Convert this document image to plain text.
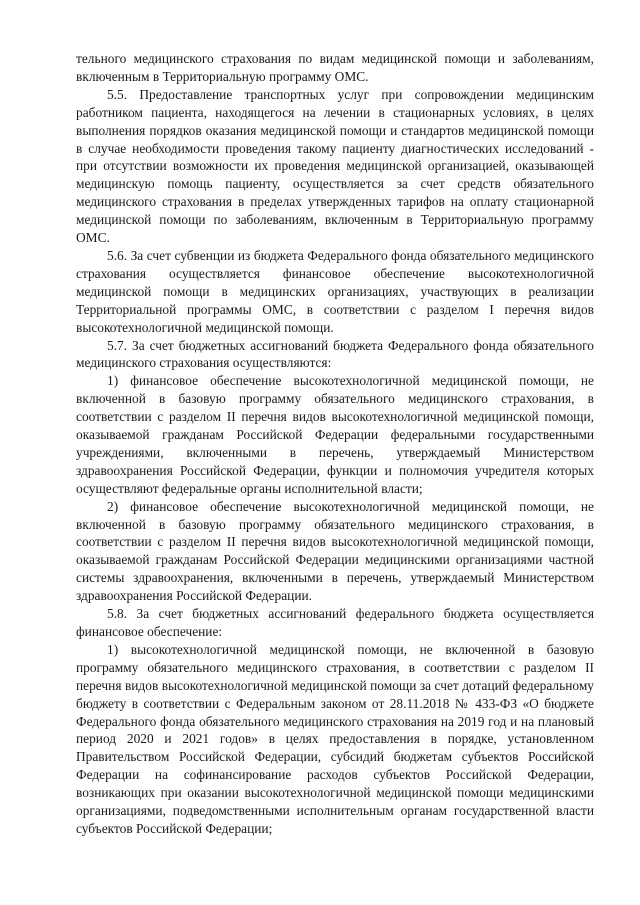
тельного медицинского страхования по видам медицинской помощи и заболеваниям, включенным в Территориальную программу ОМС.

5.5. Предоставление транспортных услуг при сопровождении медицинским работником пациента, находящегося на лечении в стационарных условиях, в целях выполнения порядков оказания медицинской помощи и стандартов медицинской помощи в случае необходимости проведения такому пациенту диагностических исследований - при отсутствии возможности их проведения медицинской организацией, оказывающей медицинскую помощь пациенту, осуществляется за счет средств обязательного медицинского страхования в пределах утвержденных тарифов на оплату стационарной медицинской помощи по заболеваниям, включенным в Территориальную программу ОМС.

5.6. За счет субвенции из бюджета Федерального фонда обязательного медицинского страхования осуществляется финансовое обеспечение высокотехнологичной медицинской помощи в медицинских организациях, участвующих в реализации Территориальной программы ОМС, в соответствии с разделом I перечня видов высокотехнологичной медицинской помощи.

5.7. За счет бюджетных ассигнований бюджета Федерального фонда обязательного медицинского страхования осуществляются:

1) финансовое обеспечение высокотехнологичной медицинской помощи, не включенной в базовую программу обязательного медицинского страхования, в соответствии с разделом II перечня видов высокотехнологичной медицинской помощи, оказываемой гражданам Российской Федерации федеральными государственными учреждениями, включенными в перечень, утверждаемый Министерством здравоохранения Российской Федерации, функции и полномочия учредителя которых осуществляют федеральные органы исполнительной власти;

2) финансовое обеспечение высокотехнологичной медицинской помощи, не включенной в базовую программу обязательного медицинского страхования, в соответствии с разделом II перечня видов высокотехнологичной медицинской помощи, оказываемой гражданам Российской Федерации медицинскими организациями частной системы здравоохранения, включенными в перечень, утверждаемый Министерством здравоохранения Российской Федерации.

5.8. За счет бюджетных ассигнований федерального бюджета осуществляется финансовое обеспечение:

1) высокотехнологичной медицинской помощи, не включенной в базовую программу обязательного медицинского страхования, в соответствии с разделом II перечня видов высокотехнологичной медицинской помощи за счет дотаций федеральному бюджету в соответствии с Федеральным законом от 28.11.2018 № 433-ФЗ «О бюджете Федерального фонда обязательного медицинского страхования на 2019 год и на плановый период 2020 и 2021 годов» в целях предоставления в порядке, установленном Правительством Российской Федерации, субсидий бюджетам субъектов Российской Федерации на софинансирование расходов субъектов Российской Федерации, возникающих при оказании высокотехнологичной медицинской помощи медицинскими организациями, подведомственными исполнительным органам государственной власти субъектов Российской Федерации;
